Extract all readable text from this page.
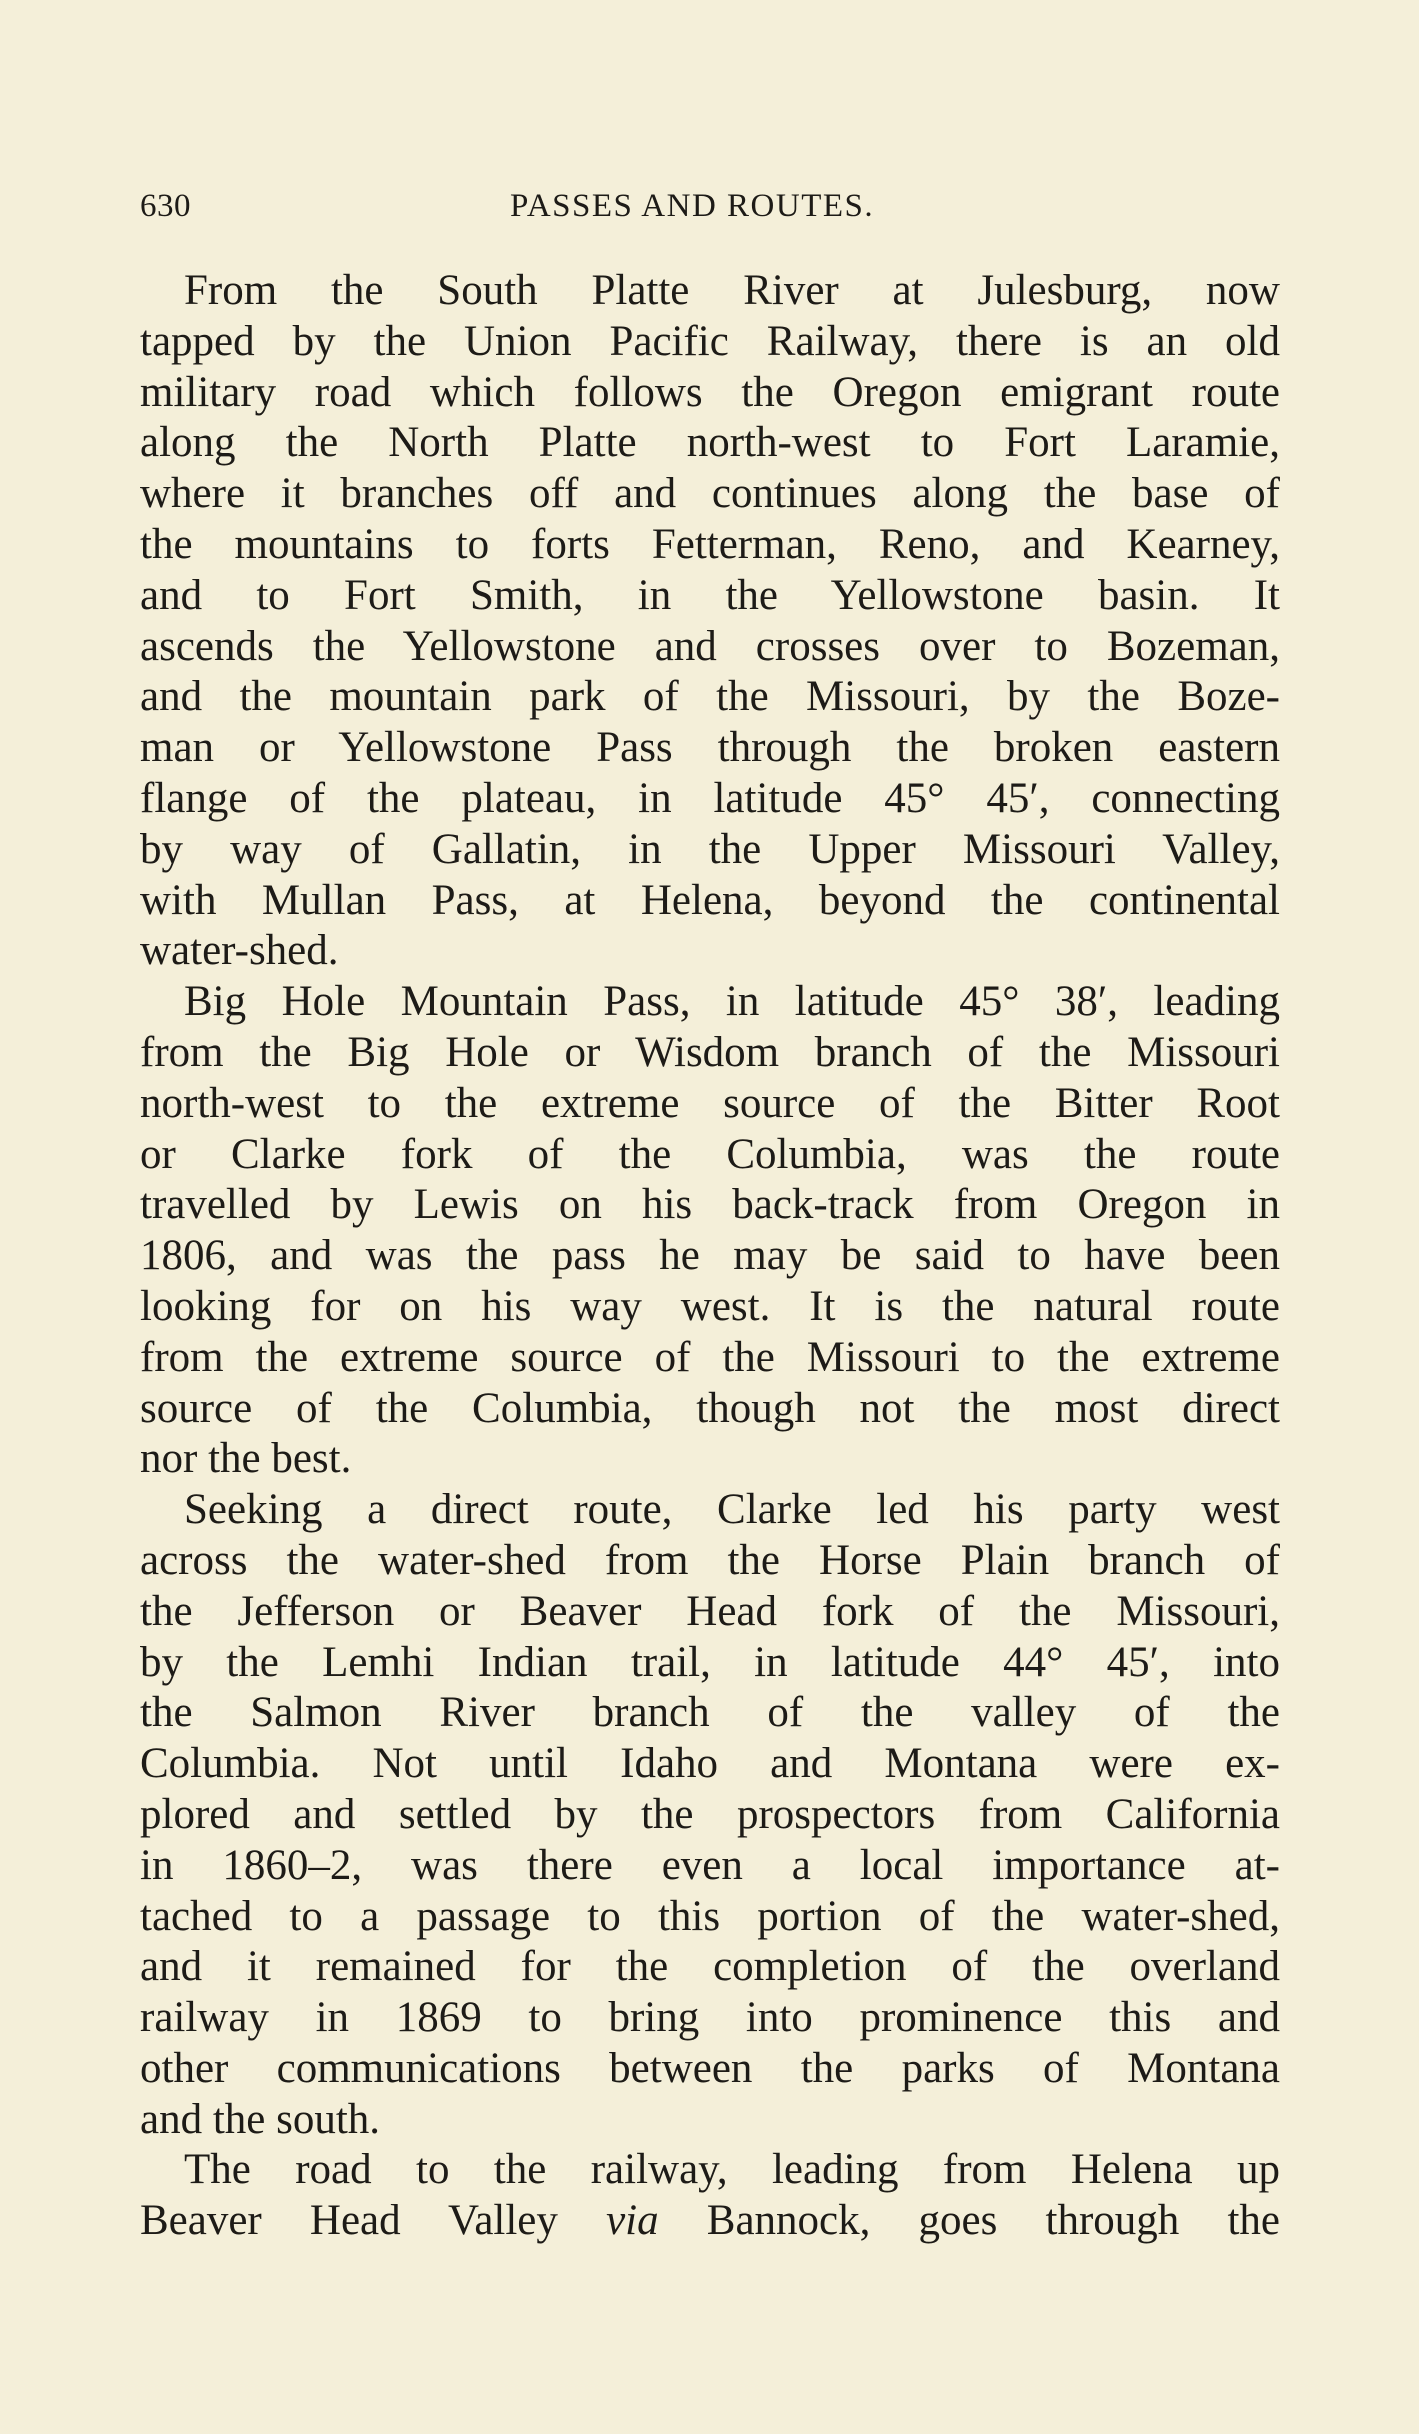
630	PASSES AND ROUTES.
From the South Platte River at Julesburg, now
tapped by the Union Pacific Railway, there is an old
military road which follows the Oregon emigrant route
along the North Platte north-west to Fort Laramie,
where it branches off and continues along the base of
the mountains to forts Fetterman, Reno, and Kearney,
and to Fort Smith, in the Yellowstone basin. It
ascends the Yellowstone and crosses over to Bozeman,
and the mountain park of the Missouri, by the Boze-
man or Yellowstone Pass through the broken eastern
flange of the plateau, in latitude 45° 45′, connecting
by way of Gallatin, in the Upper Missouri Valley,
with Mullan Pass, at Helena, beyond the continental
water-shed.
Big Hole Mountain Pass, in latitude 45° 38′, leading
from the Big Hole or Wisdom branch of the Missouri
north-west to the extreme source of the Bitter Root
or Clarke fork of the Columbia, was the route
travelled by Lewis on his back-track from Oregon in
1806, and was the pass he may be said to have been
looking for on his way west. It is the natural route
from the extreme source of the Missouri to the extreme
source of the Columbia, though not the most direct
nor the best.
Seeking a direct route, Clarke led his party west
across the water-shed from the Horse Plain branch of
the Jefferson or Beaver Head fork of the Missouri,
by the Lemhi Indian trail, in latitude 44° 45′, into
the Salmon River branch of the valley of the
Columbia. Not until Idaho and Montana were ex-
plored and settled by the prospectors from California
in 1860–2, was there even a local importance at-
tached to a passage to this portion of the water-shed,
and it remained for the completion of the overland
railway in 1869 to bring into prominence this and
other communications between the parks of Montana
and the south.
The road to the railway, leading from Helena up
Beaver Head Valley via Bannock, goes through the
